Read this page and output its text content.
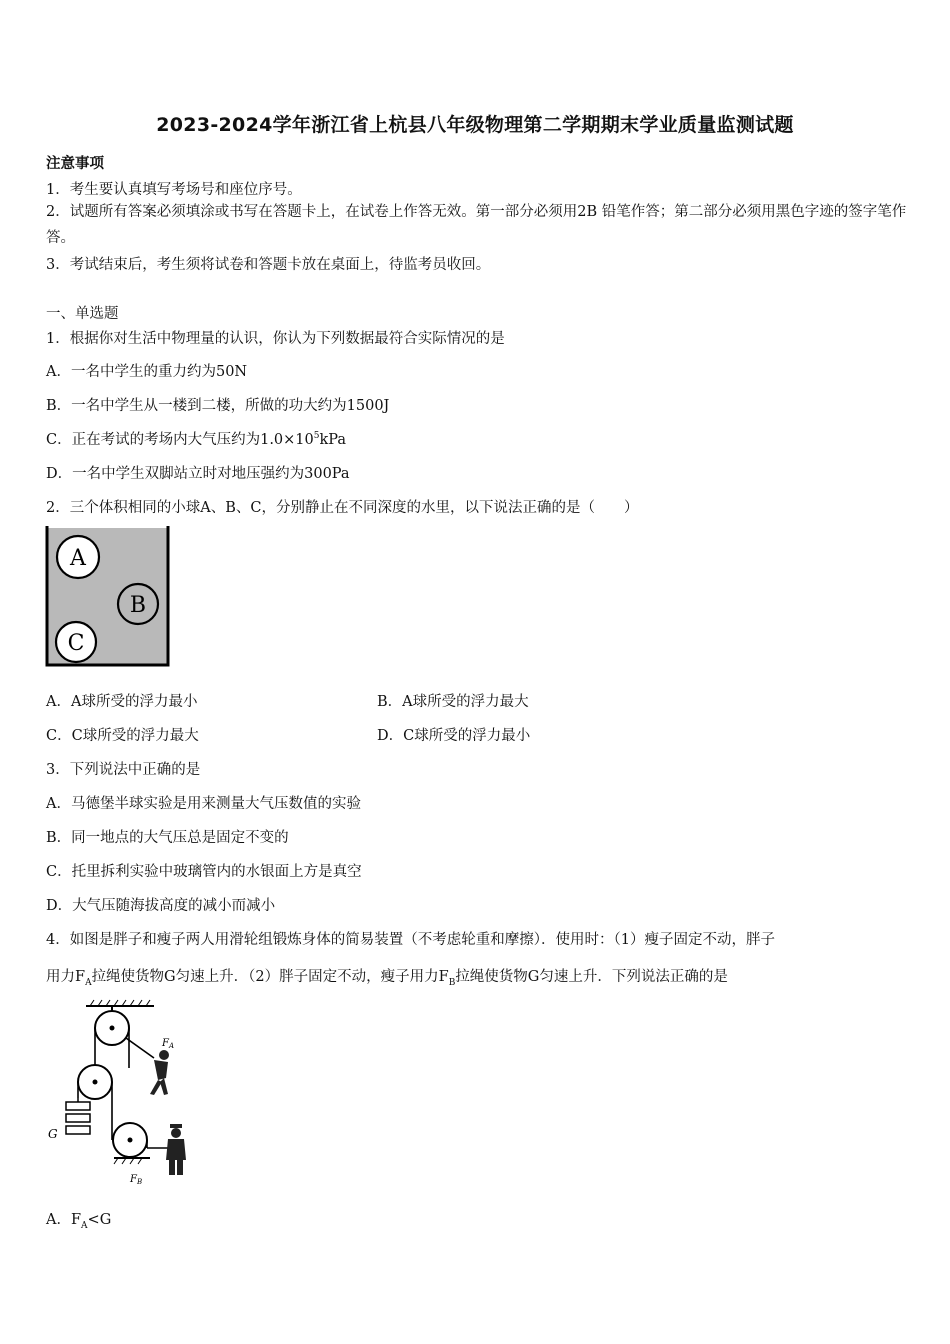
2023-2024学年浙江省上杭县八年级物理第二学期期末学业质量监测试题
注意事项
1．考生要认真填写考场号和座位序号。
2．试题所有答案必须填涂或书写在答题卡上，在试卷上作答无效。第一部分必须用2B 铅笔作答；第二部分必须用黑色字迹的签字笔作答。
3．考试结束后，考生须将试卷和答题卡放在桌面上，待监考员收回。
一、单选题
1．根据你对生活中物理量的认识，你认为下列数据最符合实际情况的是
A．一名中学生的重力约为50N
B．一名中学生从一楼到二楼，所做的功大约为1500J
C．正在考试的考场内大气压约为$1.0\times 10^5kPa$
D．一名中学生双脚站立时对地压强约为300Pa
2．三个体积相同的小球A、B、C，分别静止在不同深度的水里，以下说法正确的是（　　）
A
B
C
A．A球所受的浮力最小	B．A球所受的浮力最大
C．C球所受的浮力最大	D．C球所受的浮力最小
3．下列说法中正确的是
A．马德堡半球实验是用来测量大气压数值的实验
B．同一地点的大气压总是固定不变的
C．托里拆利实验中玻璃管内的水银面上方是真空
D．大气压随海拔高度的减小而减小
4．如图是胖子和瘦子两人用滑轮组锻炼身体的简易装置（不考虑轮重和摩擦）．使用时：（1）瘦子固定不动，胖子
用力$F_A$拉绳使货物G匀速上升．（2）胖子固定不动，瘦子用力$F_B$拉绳使货物G匀速上升．下列说法正确的是
G
$F_A$
$F_B$
A．$F_A<G$
